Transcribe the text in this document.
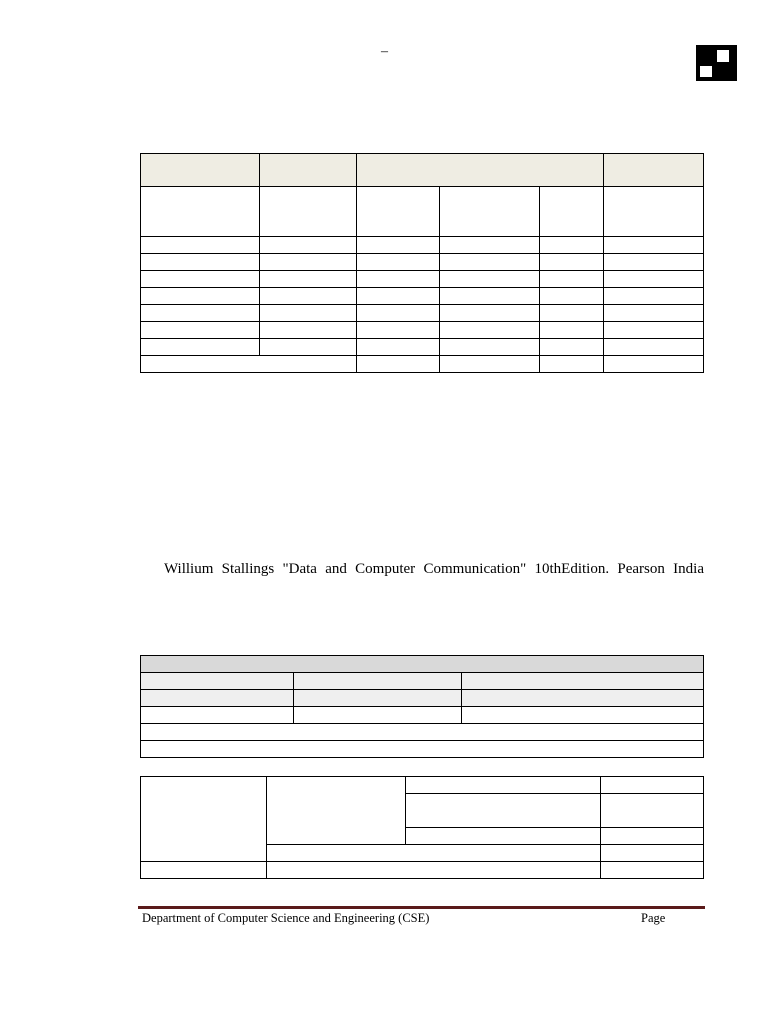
–

Willium Stallings "Data and Computer Communication" 10thEdition. Pearson India

Department of Computer Science and Engineering (CSE)	Page
